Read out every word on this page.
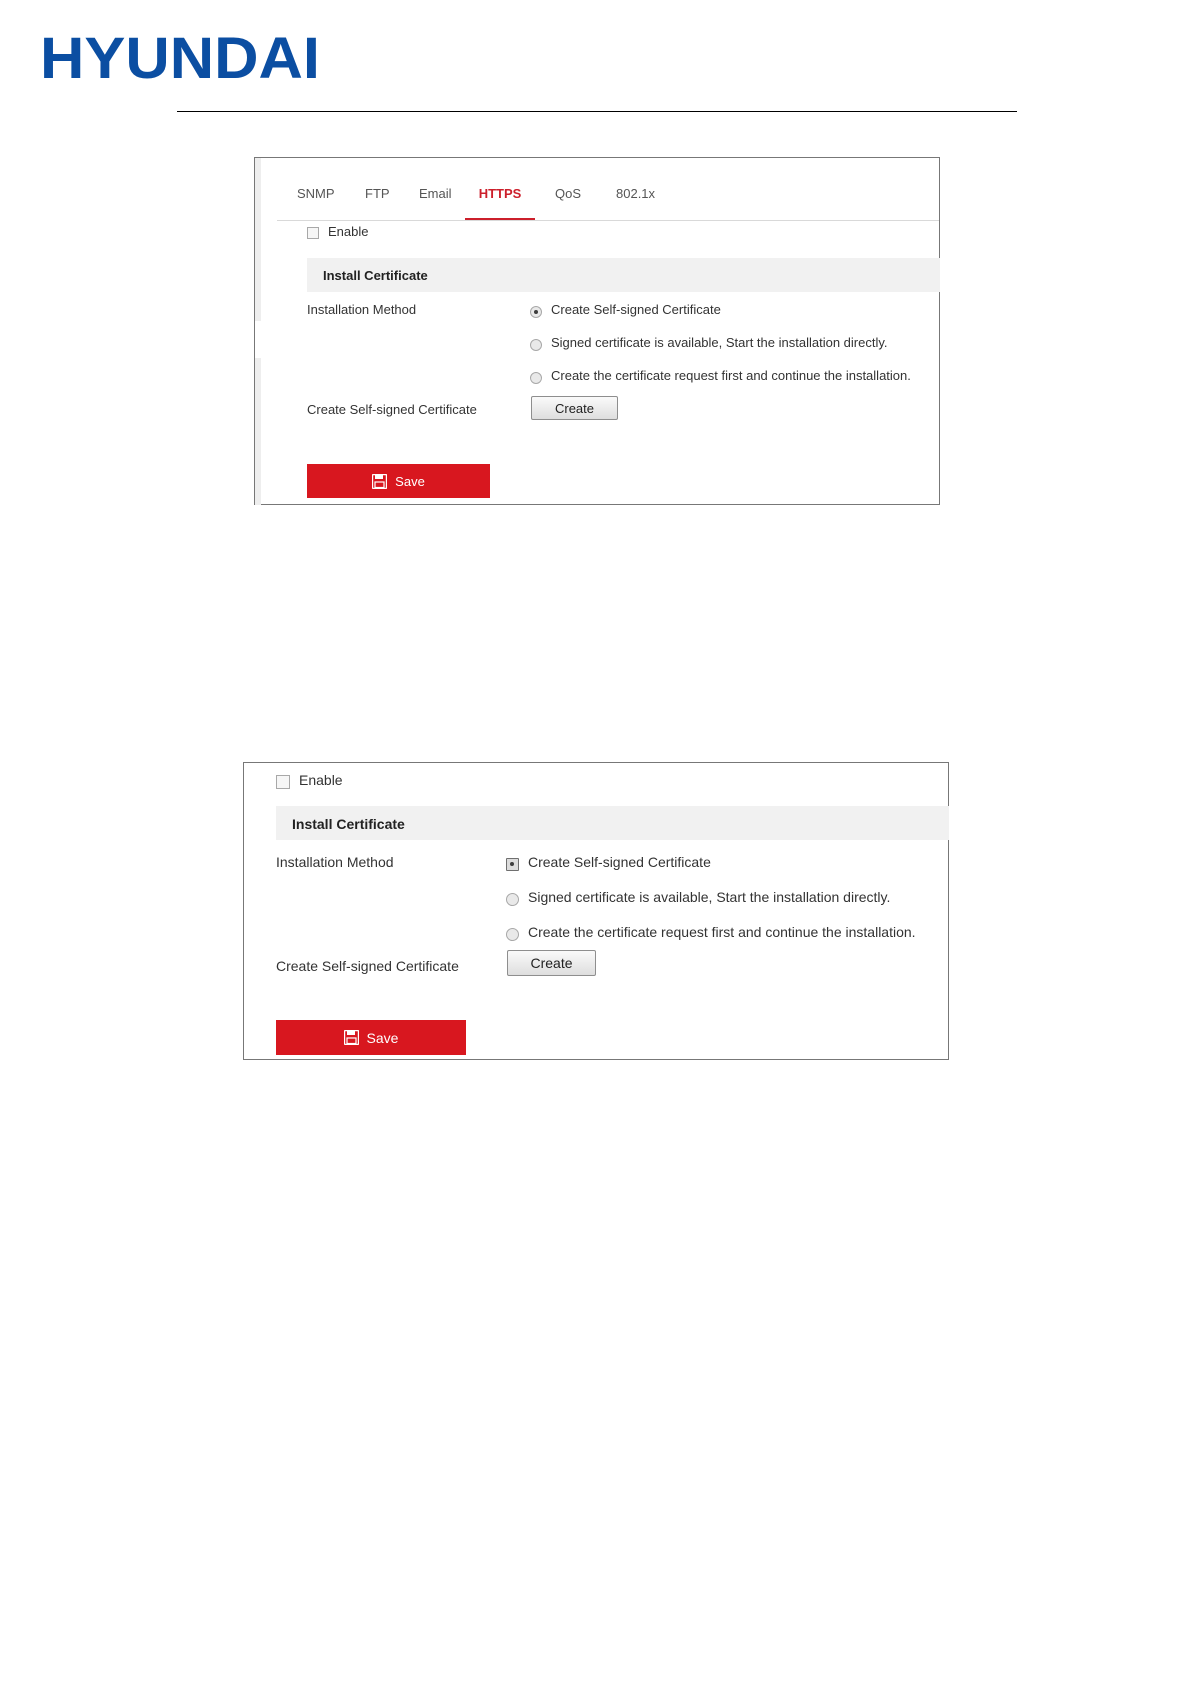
HYUNDAI
SNMP	FTP	Email	HTTPS	QoS	802.1x
Enable
Install Certificate
Installation Method	Create Self-signed Certificate
Signed certificate is available, Start the installation directly.
Create the certificate request first and continue the installation.
Create Self-signed Certificate	Create
Save
Enable
Install Certificate
Installation Method	Create Self-signed Certificate
Signed certificate is available, Start the installation directly.
Create the certificate request first and continue the installation.
Create Self-signed Certificate	Create
Save
